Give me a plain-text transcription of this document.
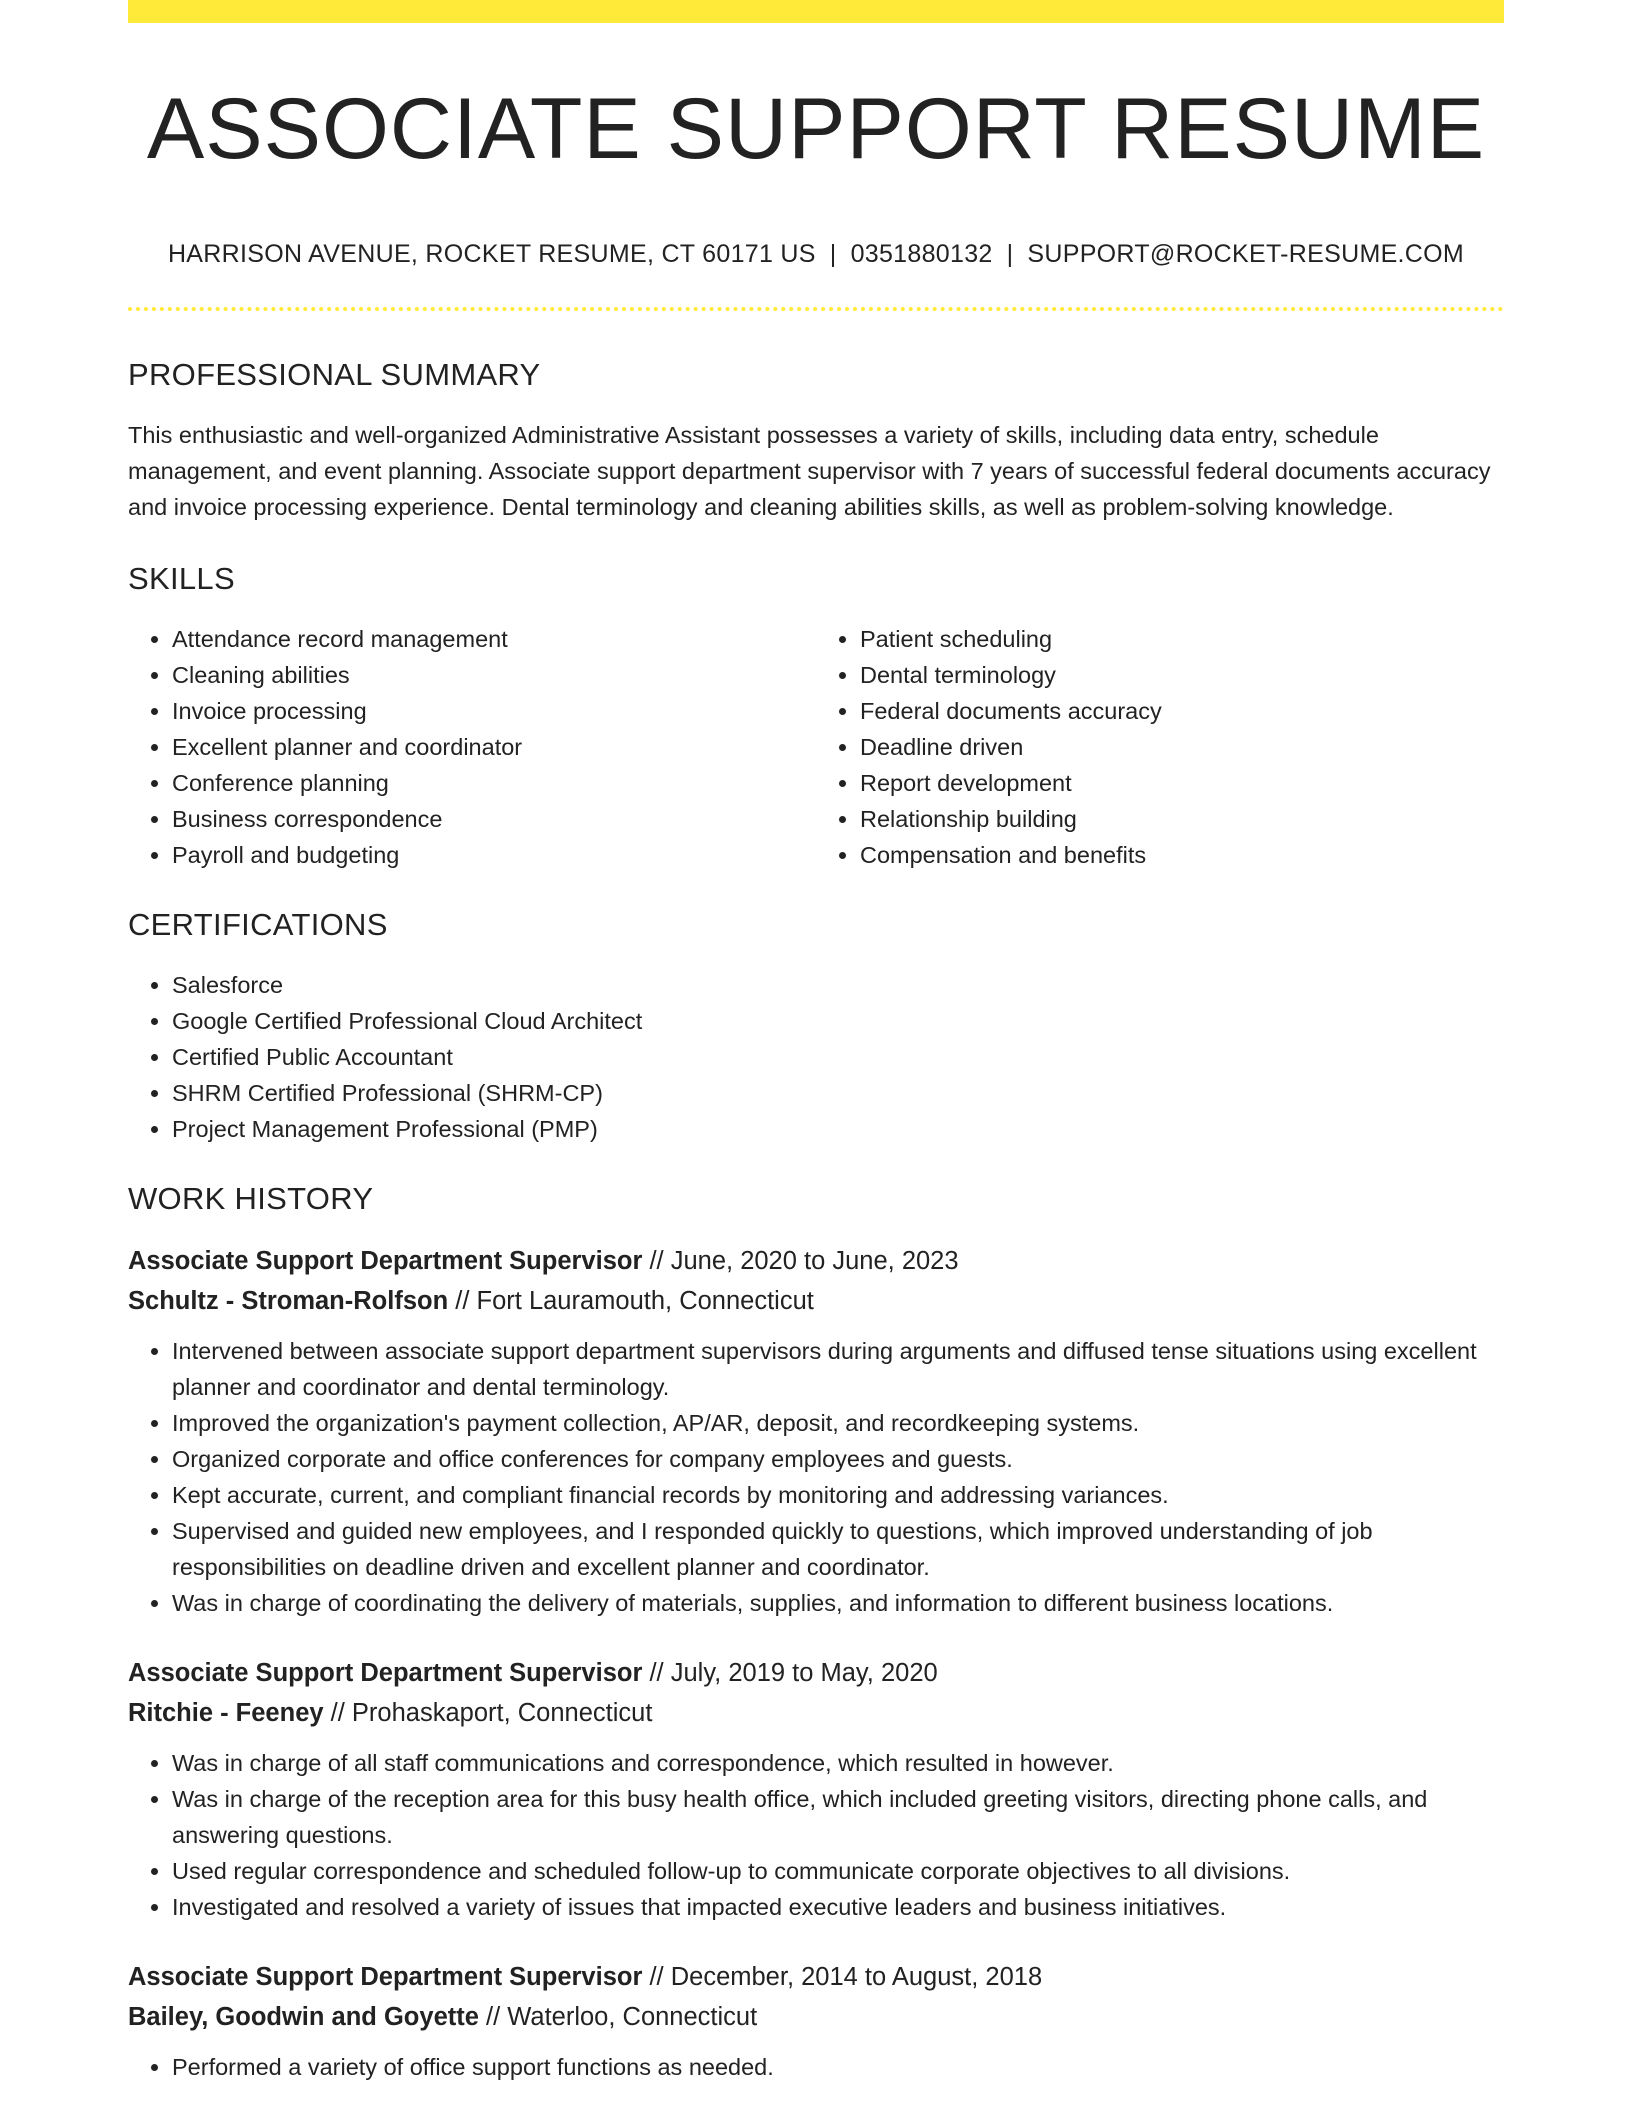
ASSOCIATE SUPPORT RESUME
HARRISON AVENUE, ROCKET RESUME, CT 60171 US | 0351880132 | SUPPORT@ROCKET-RESUME.COM
PROFESSIONAL SUMMARY

This enthusiastic and well-organized Administrative Assistant possesses a variety of skills, including data entry, schedule management, and event planning. Associate support department supervisor with 7 years of successful federal documents accuracy and invoice processing experience. Dental terminology and cleaning abilities skills, as well as problem-solving knowledge.

SKILLS
• Attendance record management
• Cleaning abilities
• Invoice processing
• Excellent planner and coordinator
• Conference planning
• Business correspondence
• Payroll and budgeting
• Patient scheduling
• Dental terminology
• Federal documents accuracy
• Deadline driven
• Report development
• Relationship building
• Compensation and benefits
CERTIFICATIONS
• Salesforce
• Google Certified Professional Cloud Architect
• Certified Public Accountant
• SHRM Certified Professional (SHRM-CP)
• Project Management Professional (PMP)
WORK HISTORY
Associate Support Department Supervisor // June, 2020 to June, 2023
Schultz - Stroman-Rolfson // Fort Lauramouth, Connecticut
• Intervened between associate support department supervisors during arguments and diffused tense situations using excellent planner and coordinator and dental terminology.
• Improved the organization's payment collection, AP/AR, deposit, and recordkeeping systems.
• Organized corporate and office conferences for company employees and guests.
• Kept accurate, current, and compliant financial records by monitoring and addressing variances.
• Supervised and guided new employees, and I responded quickly to questions, which improved understanding of job responsibilities on deadline driven and excellent planner and coordinator.
• Was in charge of coordinating the delivery of materials, supplies, and information to different business locations.
Associate Support Department Supervisor // July, 2019 to May, 2020
Ritchie - Feeney // Prohaskaport, Connecticut
• Was in charge of all staff communications and correspondence, which resulted in however.
• Was in charge of the reception area for this busy health office, which included greeting visitors, directing phone calls, and answering questions.
• Used regular correspondence and scheduled follow-up to communicate corporate objectives to all divisions.
• Investigated and resolved a variety of issues that impacted executive leaders and business initiatives.
Associate Support Department Supervisor // December, 2014 to August, 2018
Bailey, Goodwin and Goyette // Waterloo, Connecticut
• Performed a variety of office support functions as needed.
